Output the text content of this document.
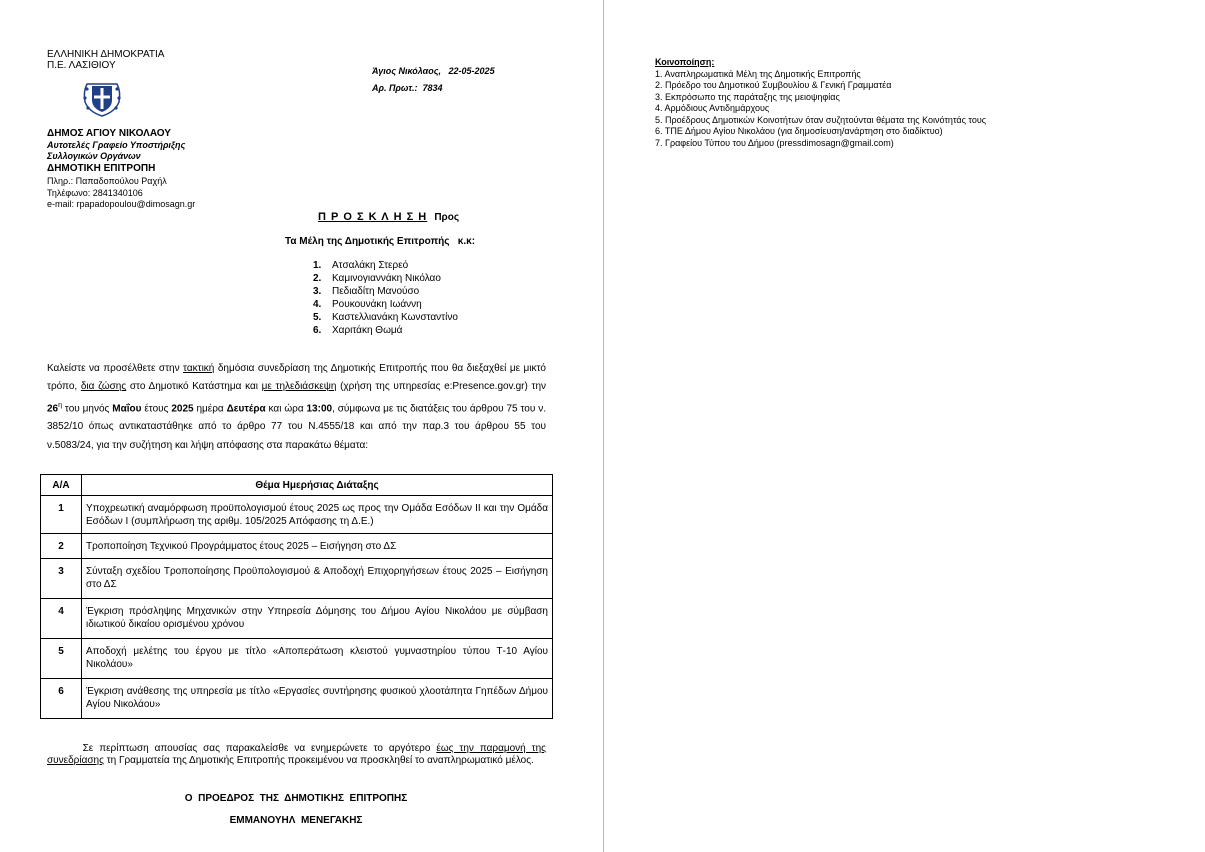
ΕΛΛΗΝΙΚΗ ΔΗΜΟΚΡΑΤΙΑ
Π.Ε. ΛΑΣΙΘΙΟΥ
ΔΗΜΟΣ ΑΓΙΟΥ ΝΙΚΟΛΑΟΥ
Αυτοτελές Γραφείο Υποστήριξης
Συλλογικών Οργάνων
ΔΗΜΟΤΙΚΗ ΕΠΙΤΡΟΠΗ
Πληρ.: Παπαδοπούλου Ραχήλ
Τηλέφωνο: 2841340106
e-mail: rpapadopoulou@dimosagn.gr
Άγιος Νικόλαος,   22-05-2025
Αρ. Πρωτ.:  7834
Π Ρ Ο Σ Κ Λ Η Σ Η Προς
Τα Μέλη της Δημοτικής Επιτροπής   κ.κ:
1. Ατσαλάκη Στερεό
2. Καμινογιαννάκη Νικόλαο
3. Πεδιαδίτη Μανούσο
4. Ρουκουνάκη Ιωάννη
5. Καστελλιανάκη Κωνσταντίνο
6. Χαριτάκη Θωμά
Καλείστε να προσέλθετε στην τακτική δημόσια συνεδρίαση της Δημοτικής Επιτροπής που θα διεξαχθεί με μικτό τρόπο, δια ζώσης στο Δημοτικό Κατάστημα και με τηλεδιάσκεψη (χρήση της υπηρεσίας e:Presence.gov.gr) την $26^\eta$ του μηνός Μαΐου έτους 2025 ημέρα Δευτέρα και ώρα 13:00, σύμφωνα με τις διατάξεις του άρθρου 75 του ν. 3852/10 όπως αντικαταστάθηκε από το άρθρο 77 του N.4555/18 και από την παρ.3 του άρθρου 55 του ν.5083/24, για την συζήτηση και λήψη απόφασης στα παρακάτω θέματα:
Α/Α	Θέμα Ημερήσιας Διάταξης
1	Υποχρεωτική αναμόρφωση προϋπολογισμού έτους 2025 ως προς την Ομάδα Εσόδων ΙΙ και την Ομάδα Εσόδων Ι (συμπλήρωση της αριθμ. 105/2025 Απόφασης τη Δ.Ε.)
2	Τροποποίηση Τεχνικού Προγράμματος έτους 2025 – Εισήγηση στο ΔΣ
3	Σύνταξη σχεδίου Τροποποίησης Προϋπολογισμού & Αποδοχή Επιχορηγήσεων έτους 2025 – Εισήγηση στο ΔΣ
4	Έγκριση πρόσληψης Μηχανικών στην Υπηρεσία Δόμησης του Δήμου Αγίου Νικολάου με σύμβαση ιδιωτικού δικαίου ορισμένου χρόνου
5	Αποδοχή μελέτης του έργου με τίτλο «Αποπεράτωση κλειστού γυμναστηρίου τύπου Τ-10 Αγίου Νικολάου»
6	Έγκριση ανάθεσης της υπηρεσία με τίτλο «Εργασίες συντήρησης φυσικού χλοοτάπητα Γηπέδων Δήμου Αγίου Νικολάου»
Σε περίπτωση απουσίας σας παρακαλείσθε να ενημερώνετε το αργότερο έως την παραμονή της συνεδρίασης τη Γραμματεία της Δημοτικής Επιτροπής προκειμένου να προσκληθεί το αναπληρωματικό μέλος.
Ο  ΠΡΟΕΔΡΟΣ  ΤΗΣ  ΔΗΜΟΤΙΚΗΣ  ΕΠΙΤΡΟΠΗΣ
ΕΜΜΑΝΟΥΗΛ  ΜΕΝΕΓΑΚΗΣ
Κοινοποίηση:
1. Αναπληρωματικά Μέλη της Δημοτικής Επιτροπής
2. Πρόεδρο του Δημοτικού Συμβουλίου & Γενική Γραμματέα
3. Εκπρόσωπο της παράταξης της μειοψηφίας
4. Αρμόδιους Αντιδημάρχους
5. Προέδρους Δημοτικών Κοινοτήτων όταν συζητούνται θέματα της Κοινότητάς τους
6. ΤΠΕ Δήμου Αγίου Νικολάου (για δημοσίευση/ανάρτηση στο διαδίκτυο)
7. Γραφείου Τύπου του Δήμου (pressdimosagn@gmail.com)
